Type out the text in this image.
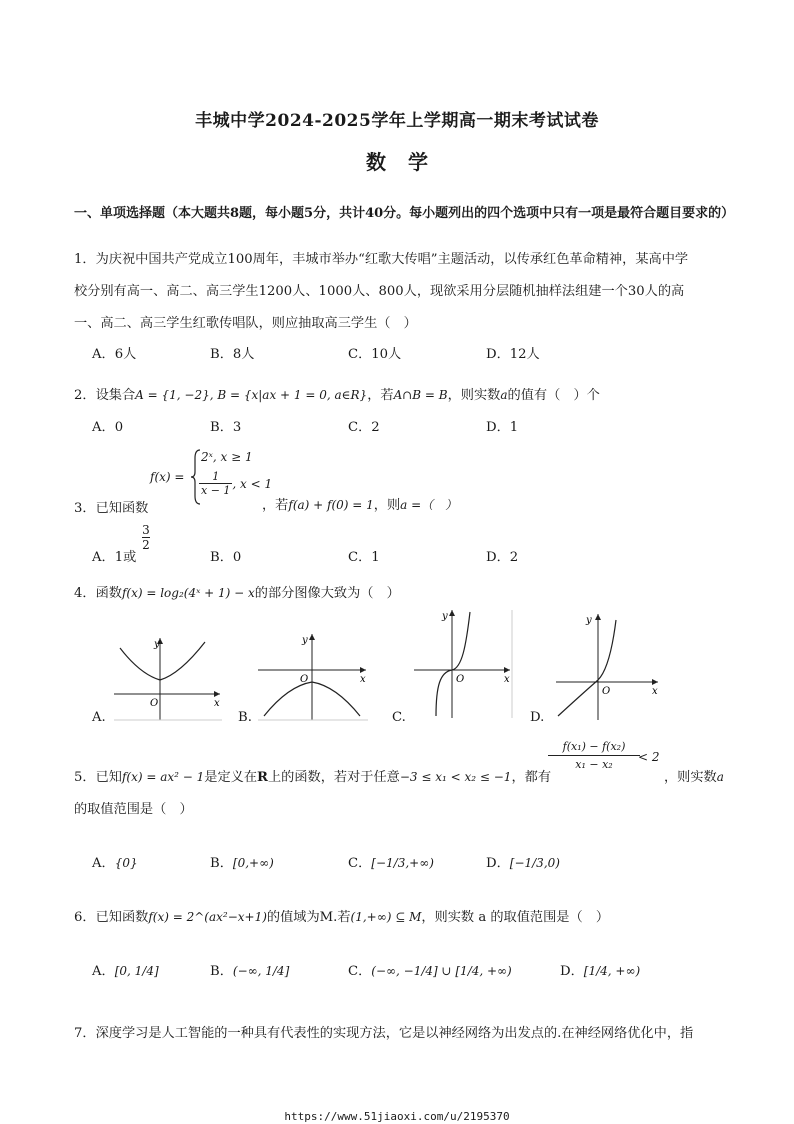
丰城中学2024-2025学年上学期高一期末考试试卷
数学
一、单项选择题（本大题共8题，每小题5分，共计40分。每小题列出的四个选项中只有一项是最符合题目要求的）
1．为庆祝中国共产党成立100周年，丰城市举办“红歌大传唱”主题活动，以传承红色革命精神，某高中学
校分别有高一、高二、高三学生1200人、1000人、800人，现欲采用分层随机抽样法组建一个30人的高
一、高二、高三学生红歌传唱队，则应抽取高三学生（　）
A．6人	B．8人	C．10人	D．12人
2．设集合A = {1, −2}, B = {x|ax + 1 = 0, a∈R}，若A∩B = B，则实数a的值有（　）个
A．0	B．3	C．2	D．1
3．已知函数
f(x) =
2ˣ, x ≥ 1
$\frac{1}{x - 1}$ , x < 1
，若f(a) + f(0) = 1，则a =（　）
A．1或
3
2
B．0	C．1	D．2
4．函数f(x) = log₂(4ˣ + 1) − x的部分图像大致为（　）
y
x
O
A.
y
x
O
B.
y
x
O
C.
y
x
O
D.
5．已知f(x) = ax² − 1是定义在R上的函数，若对于任意−3 ≤ x₁ < x₂ ≤ −1，都有
f(x₁) − f(x₂)
x₁ − x₂
< 2
，则实数a
的取值范围是（　）
A．{0}	B．[0,+∞)	C．[−1/3,+∞)	D．[−1/3,0)
6．已知函数f(x) = 2^(ax²−x+1)的值域为M.若(1,+∞) ⊆ M，则实数 a 的取值范围是（　）
A．[0, 1/4]	B．(−∞, 1/4]	C．(−∞, −1/4] ∪ [1/4, +∞)	D．[1/4, +∞)
7．深度学习是人工智能的一种具有代表性的实现方法，它是以神经网络为出发点的.在神经网络优化中，指
https://www.51jiaoxi.com/u/2195370
